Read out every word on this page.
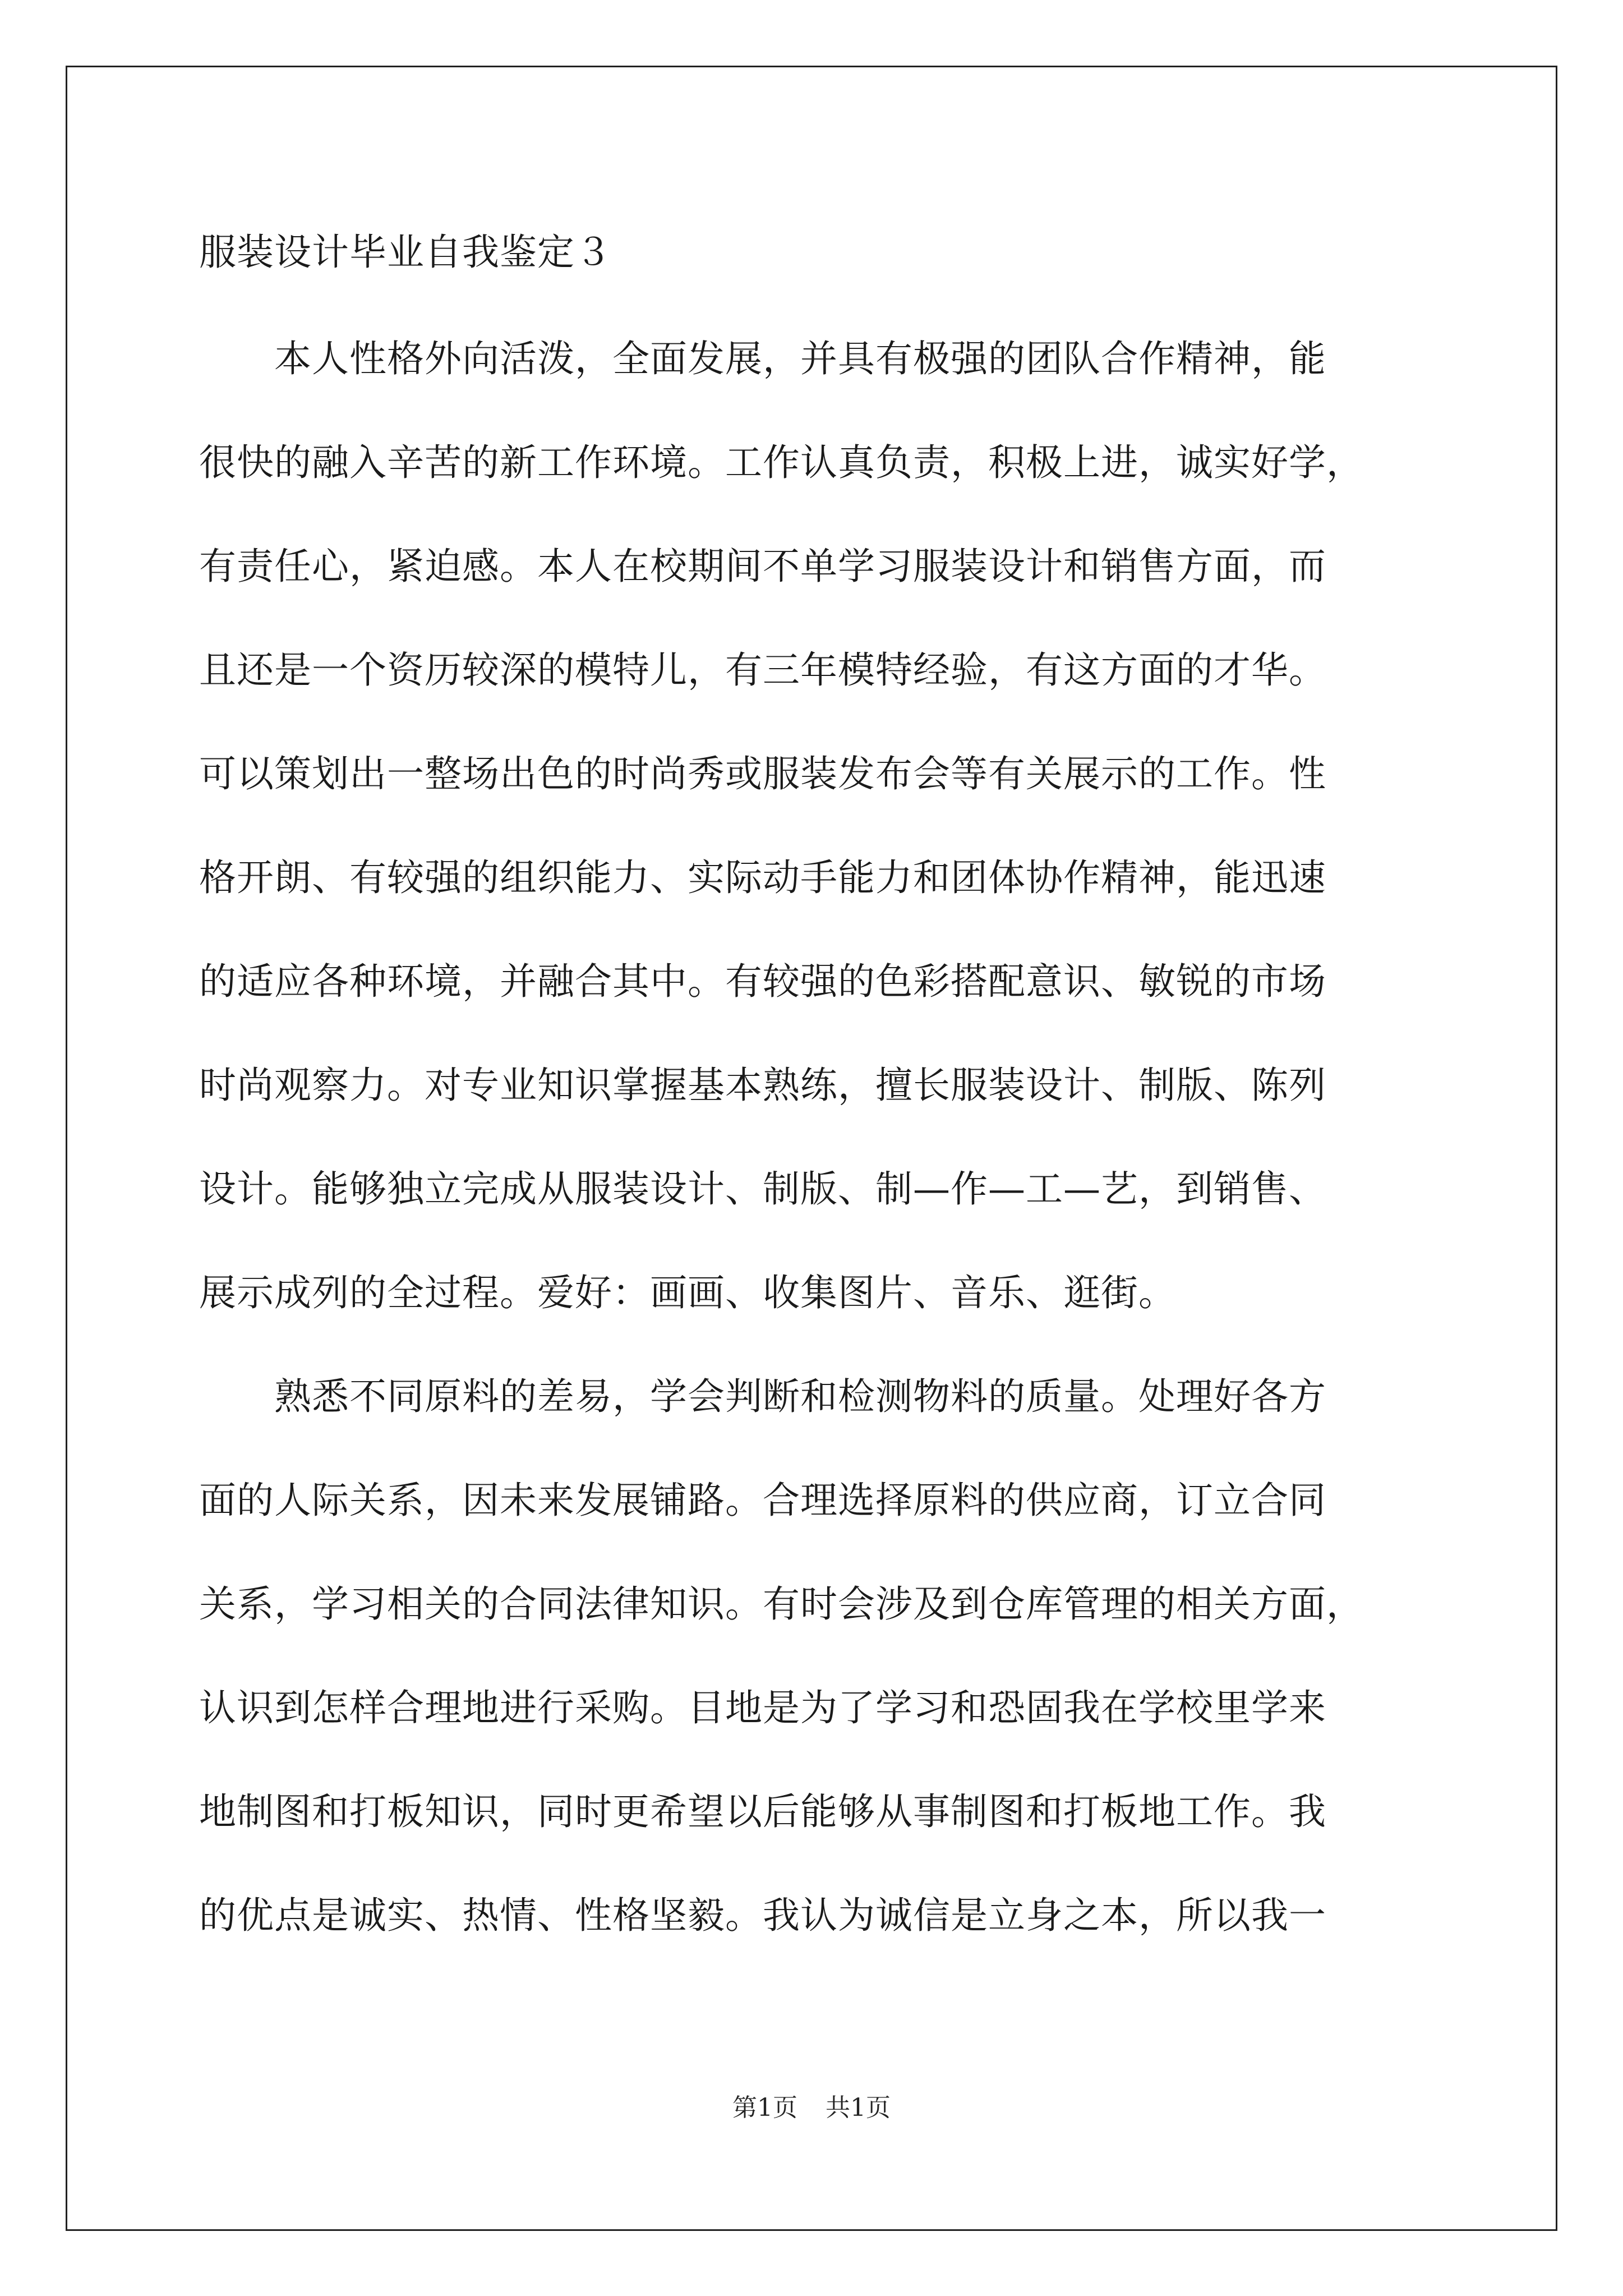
服装设计毕业自我鉴定３
　　本人性格外向活泼，全面发展，并具有极强的团队合作精神，能
很快的融入辛苦的新工作环境。工作认真负责，积极上进，诚实好学，
有责任心，紧迫感。本人在校期间不单学习服装设计和销售方面，而
且还是一个资历较深的模特儿，有三年模特经验，有这方面的才华。
可以策划出一整场出色的时尚秀或服装发布会等有关展示的工作。性
格开朗、有较强的组织能力、实际动手能力和团体协作精神，能迅速
的适应各种环境，并融合其中。有较强的色彩搭配意识、敏锐的市场
时尚观察力。对专业知识掌握基本熟练，擅长服装设计、制版、陈列
设计。能够独立完成从服装设计、制版、制—作—工—艺，到销售、
展示成列的全过程。爱好：画画、收集图片、音乐、逛街。
　　熟悉不同原料的差易，学会判断和检测物料的质量。处理好各方
面的人际关系，因未来发展铺路。合理选择原料的供应商，订立合同
关系，学习相关的合同法律知识。有时会涉及到仓库管理的相关方面，
认识到怎样合理地进行采购。目地是为了学习和恐固我在学校里学来
地制图和打板知识，同时更希望以后能够从事制图和打板地工作。我
的优点是诚实、热情、性格坚毅。我认为诚信是立身之本，所以我一
第1页 共1页
